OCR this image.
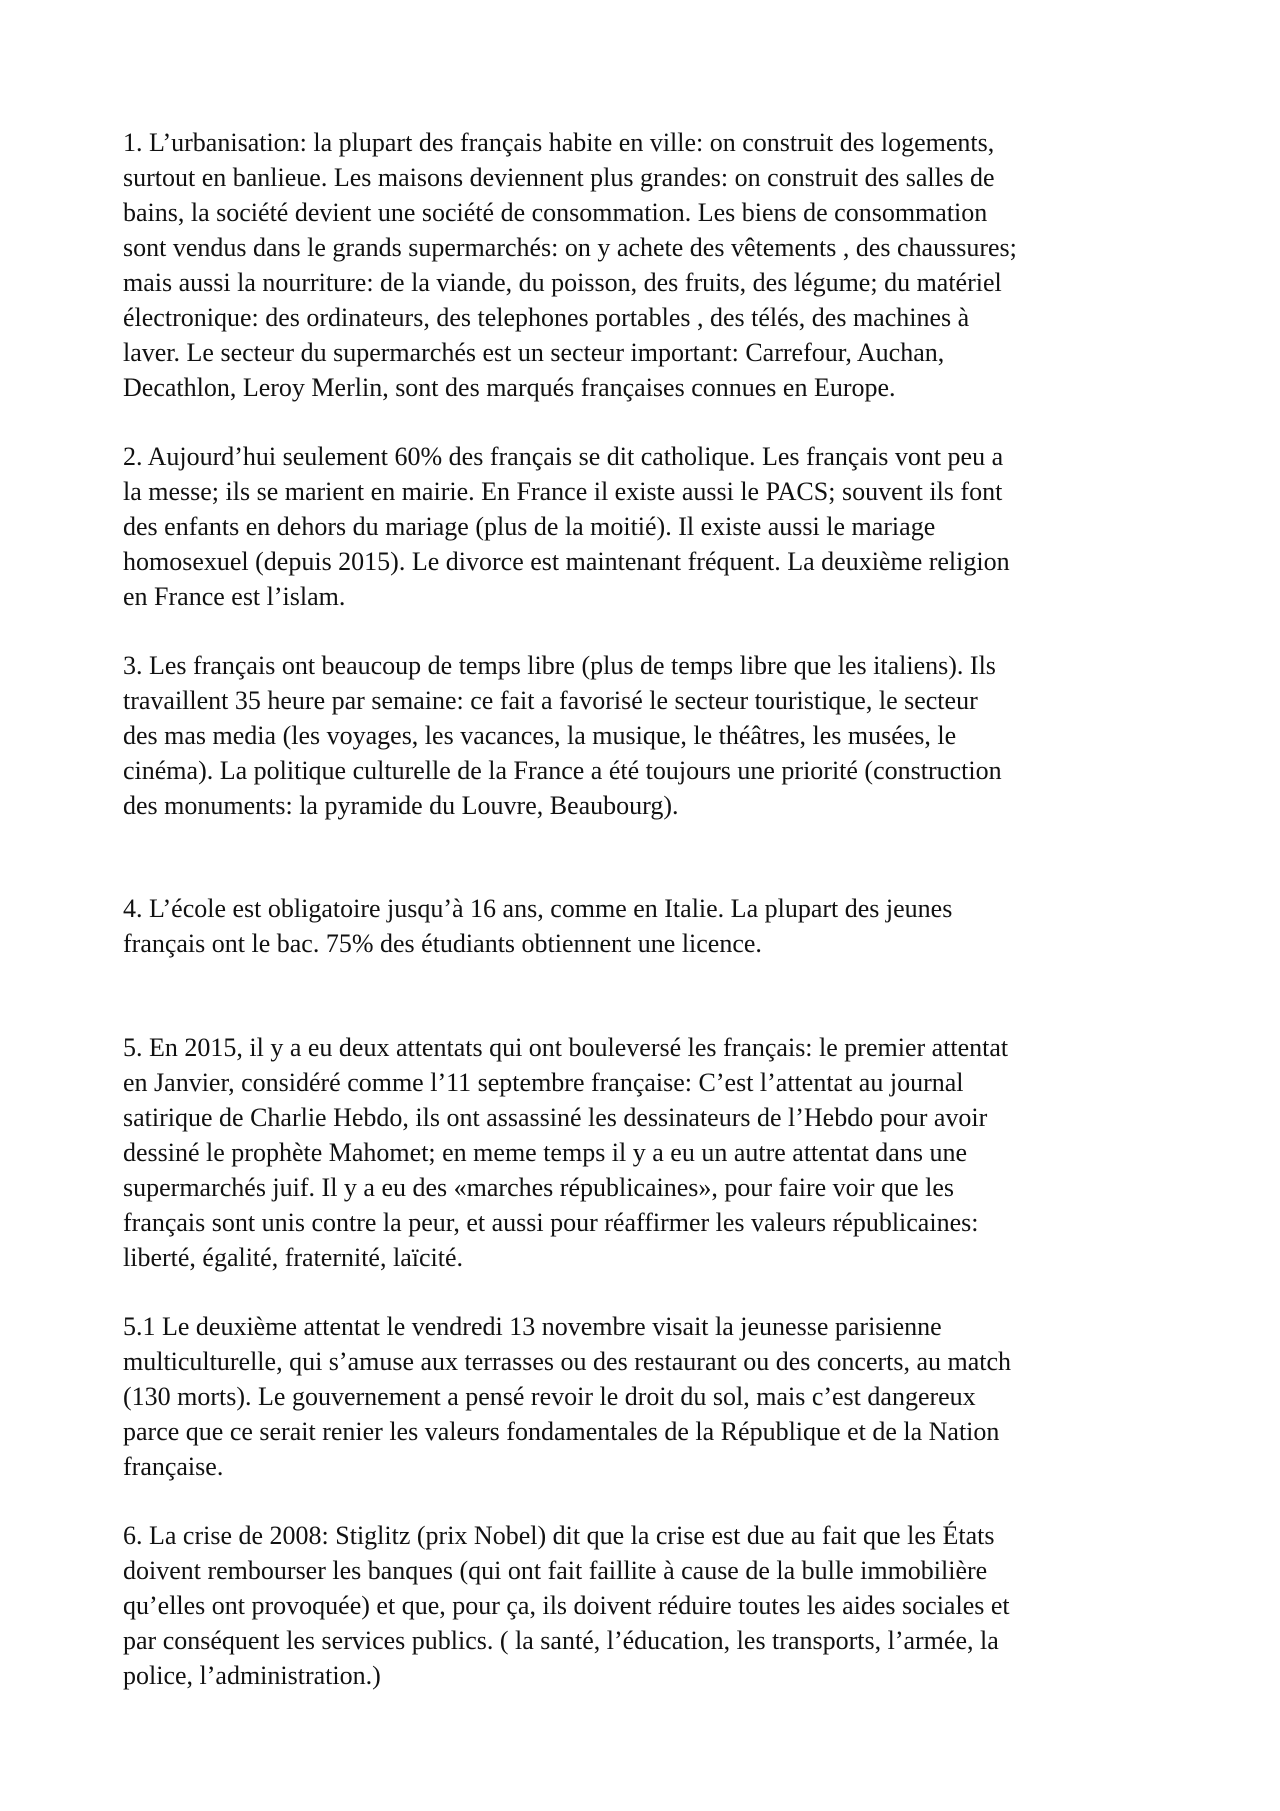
1. L’urbanisation: la plupart des français habite en ville: on construit des logements,

surtout en banlieue. Les maisons deviennent plus grandes: on construit des salles de

bains, la société devient une société de consommation. Les biens de consommation

sont vendus dans le grands supermarchés: on y achete des vêtements , des chaussures;

mais aussi la nourriture: de la viande, du poisson, des fruits, des légume; du matériel

électronique: des ordinateurs, des telephones portables , des télés, des machines à

laver. Le secteur du supermarchés est un secteur important: Carrefour, Auchan,

Decathlon, Leroy Merlin, sont des marqués françaises connues en Europe.

2. Aujourd’hui seulement 60% des français se dit catholique. Les français vont peu a

la messe; ils se marient en mairie. En France il existe aussi le PACS; souvent ils font

des enfants en dehors du mariage (plus de la moitié). Il existe aussi le mariage

homosexuel (depuis 2015). Le divorce est maintenant fréquent. La deuxième religion

en France est l’islam.

3. Les français ont beaucoup de temps libre (plus de temps libre que les italiens). Ils

travaillent 35 heure par semaine: ce fait a favorisé le secteur touristique, le secteur

des mas media (les voyages, les vacances, la musique, le théâtres, les musées, le

cinéma). La politique culturelle de la France a été toujours une priorité (construction

des monuments: la pyramide du Louvre, Beaubourg).

4. L’école est obligatoire jusqu’à 16 ans, comme en Italie. La plupart des jeunes

français ont le bac. 75% des étudiants obtiennent une licence.

5. En 2015, il y a eu deux attentats qui ont bouleversé les français: le premier attentat

en Janvier, considéré comme l’11 septembre française: C’est l’attentat au journal

satirique de Charlie Hebdo, ils ont assassiné les dessinateurs de l’Hebdo pour avoir

dessiné le prophète Mahomet; en meme temps il y a eu un autre attentat dans une

supermarchés juif. Il y a eu des «marches républicaines», pour faire voir que les

français sont unis contre la peur, et aussi pour réaffirmer les valeurs républicaines:

liberté, égalité, fraternité, laïcité.

5.1 Le deuxième attentat le vendredi 13 novembre visait la jeunesse parisienne

multiculturelle, qui s’amuse aux terrasses ou des restaurant ou des concerts, au match

(130 morts). Le gouvernement a pensé revoir le droit du sol, mais c’est dangereux

parce que ce serait renier les valeurs fondamentales de la République et de la Nation

française.

6. La crise de 2008: Stiglitz (prix Nobel) dit que la crise est due au fait que les États

doivent rembourser les banques (qui ont fait faillite à cause de la bulle immobilière

qu’elles ont provoquée) et que, pour ça, ils doivent réduire toutes les aides sociales et

par conséquent les services publics. ( la santé, l’éducation, les transports, l’armée, la

police, l’administration.)
